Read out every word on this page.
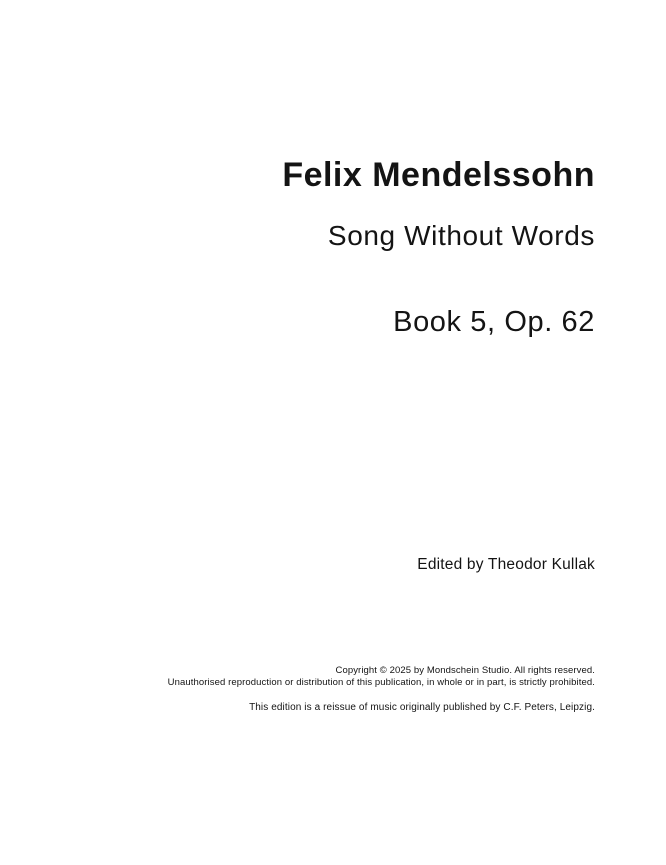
Felix Mendelssohn
Song Without Words
Book 5, Op. 62
Edited by Theodor Kullak
Copyright © 2025 by Mondschein Studio. All rights reserved.
Unauthorised reproduction or distribution of this publication, in whole or in part, is strictly prohibited.
This edition is a reissue of music originally published by C.F. Peters, Leipzig.
